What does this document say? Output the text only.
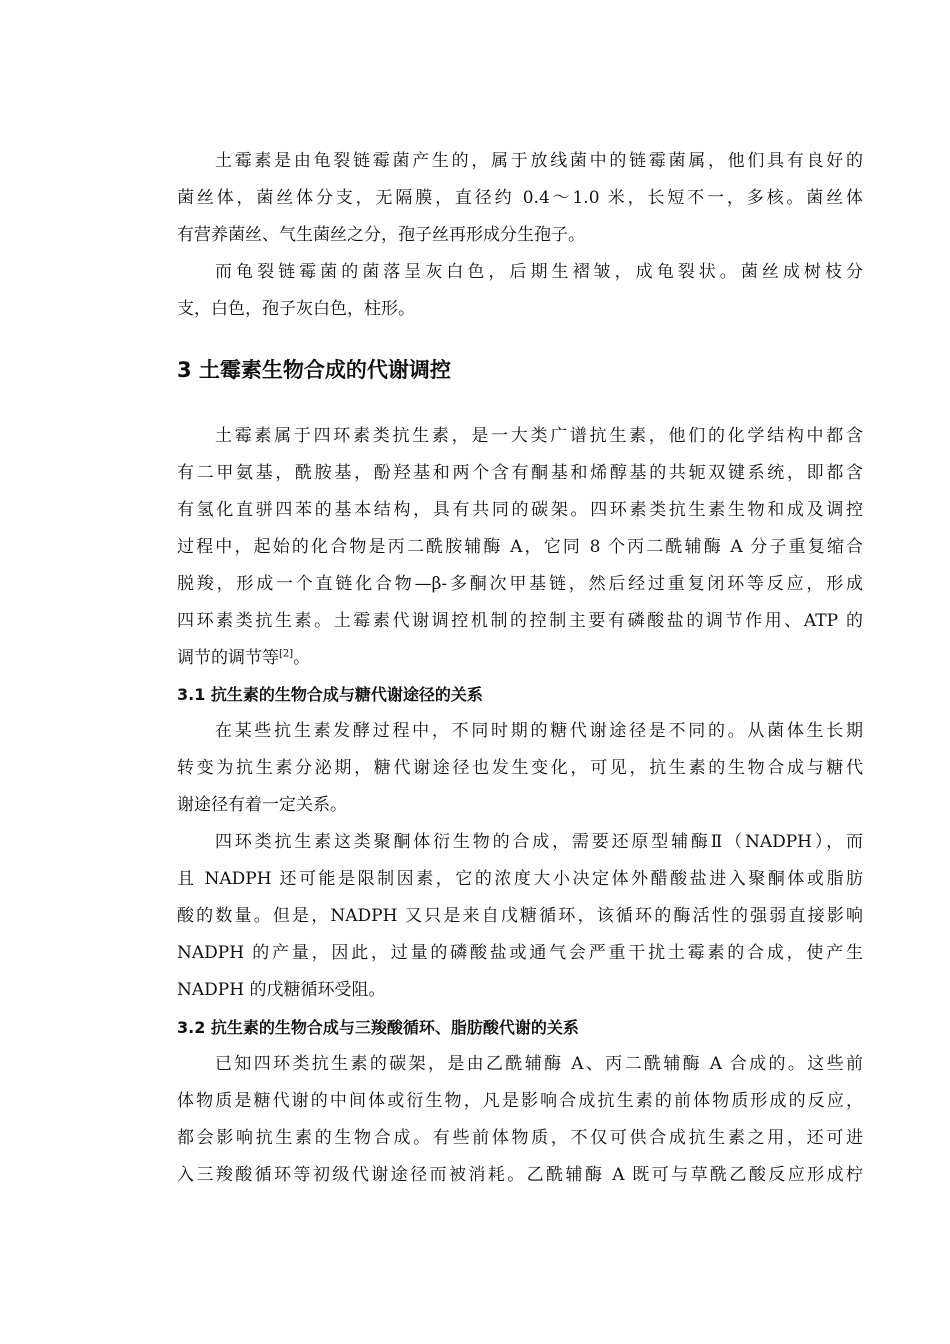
土霉素是由龟裂链霉菌产生的，属于放线菌中的链霉菌属，他们具有良好的
菌丝体，菌丝体分支，无隔膜，直径约 0.4～1.0 米，长短不一，多核。菌丝体
有营养菌丝、气生菌丝之分，孢子丝再形成分生孢子。
而龟裂链霉菌的菌落呈灰白色，后期生褶皱，成龟裂状。菌丝成树枝分
支，白色，孢子灰白色，柱形。
3 土霉素生物合成的代谢调控
土霉素属于四环素类抗生素，是一大类广谱抗生素，他们的化学结构中都含
有二甲氨基，酰胺基，酚羟基和两个含有酮基和烯醇基的共轭双键系统，即都含
有氢化直骈四苯的基本结构，具有共同的碳架。四环素类抗生素生物和成及调控
过程中，起始的化合物是丙二酰胺辅酶 A，它同 8 个丙二酰辅酶 A 分子重复缩合
脱羧，形成一个直链化合物—β-多酮次甲基链，然后经过重复闭环等反应，形成
四环素类抗生素。土霉素代谢调控机制的控制主要有磷酸盐的调节作用、ATP 的
调节的调节等[2]。
3.1 抗生素的生物合成与糖代谢途径的关系
在某些抗生素发酵过程中，不同时期的糖代谢途径是不同的。从菌体生长期
转变为抗生素分泌期，糖代谢途径也发生变化，可见，抗生素的生物合成与糖代
谢途径有着一定关系。
四环类抗生素这类聚酮体衍生物的合成，需要还原型辅酶Ⅱ（NADPH），而
且 NADPH 还可能是限制因素，它的浓度大小决定体外醋酸盐进入聚酮体或脂肪
酸的数量。但是，NADPH 又只是来自戊糖循环，该循环的酶活性的强弱直接影响
NADPH 的产量，因此，过量的磷酸盐或通气会严重干扰土霉素的合成，使产生
NADPH 的戊糖循环受阻。
3.2 抗生素的生物合成与三羧酸循环、脂肪酸代谢的关系
已知四环类抗生素的碳架，是由乙酰辅酶 A、丙二酰辅酶 A 合成的。这些前
体物质是糖代谢的中间体或衍生物，凡是影响合成抗生素的前体物质形成的反应，
都会影响抗生素的生物合成。有些前体物质，不仅可供合成抗生素之用，还可进
入三羧酸循环等初级代谢途径而被消耗。乙酰辅酶 A 既可与草酰乙酸反应形成柠
